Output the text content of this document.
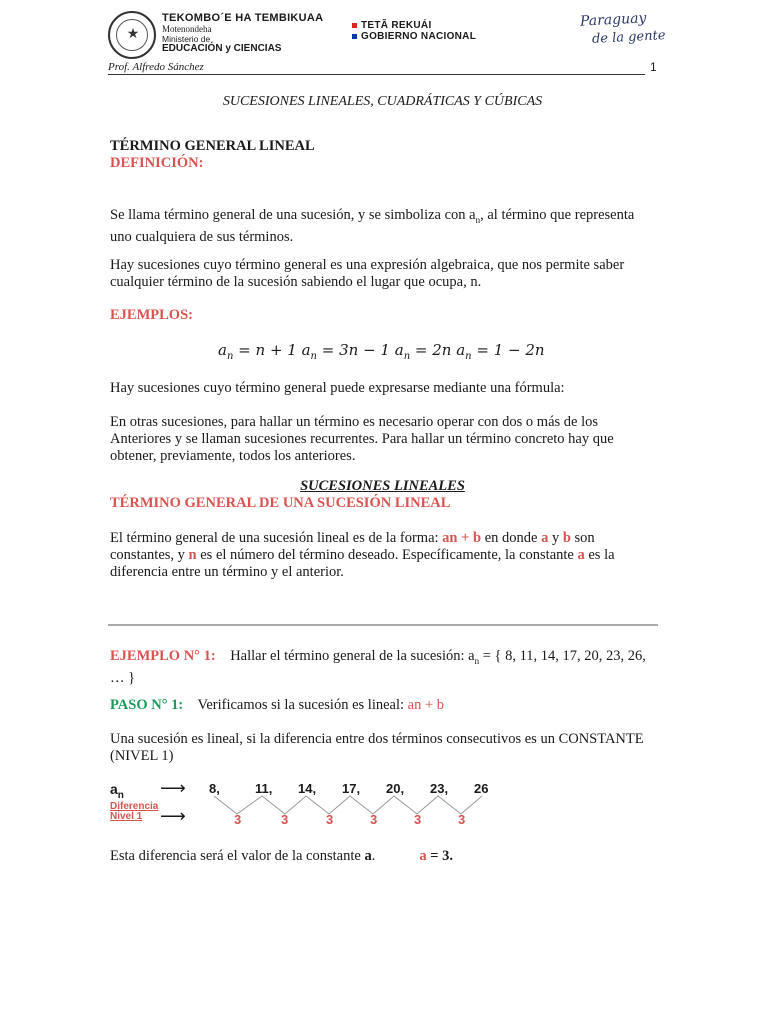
★
TEKOMBO´E HA TEMBIKUAA
Motenondeha
Ministerio de
EDUCACIÓN y CIENCIAS
TETÃ REKUÁI
GOBIERNO NACIONAL
Paraguay
de la gente
Prof. Alfredo Sánchez	1
SUCESIONES LINEALES, CUADRÁTICAS Y CÚBICAS
TÉRMINO GENERAL LINEAL
DEFINICIÓN:

Se llama término general de una sucesión, y se simboliza con $a_n$, al término que representa uno cualquiera de sus términos.

Hay sucesiones cuyo término general es una expresión algebraica, que nos permite saber cualquier término de la sucesión sabiendo el lugar que ocupa, n.

EJEMPLOS:
$a_n = n + 1$ $a_n = 3n - 1$ $a_n = 2n$ $a_n = 1 - 2n$

Hay sucesiones cuyo término general puede expresarse mediante una fórmula:

En otras sucesiones, para hallar un término es necesario operar con dos o más de los Anteriores y se llaman sucesiones recurrentes. Para hallar un término concreto hay que obtener, previamente, todos los anteriores.

SUCESIONES LINEALES
TÉRMINO GENERAL DE UNA SUCESIÓN LINEAL

El término general de una sucesión lineal es de la forma: an + b en donde a y b son constantes, y n es el número del término deseado. Específicamente, la constante a es la diferencia entre un término y el anterior.

EJEMPLO N° 1: Hallar el término general de la sucesión: $a_n$ = { 8, 11, 14, 17, 20, 23, 26, … }

PASO N° 1: Verificamos si la sucesión es lineal: an + b

Una sucesión es lineal, si la diferencia entre dos términos consecutivos es un CONSTANTE (NIVEL 1)

$a_n$ ⟶
Diferencia
Nivel 1 ⟶
8,	11, 14, 17, 20, 23, 26
3	3	3	3	3	3

Esta diferencia será el valor de la constante a.	a = 3.
